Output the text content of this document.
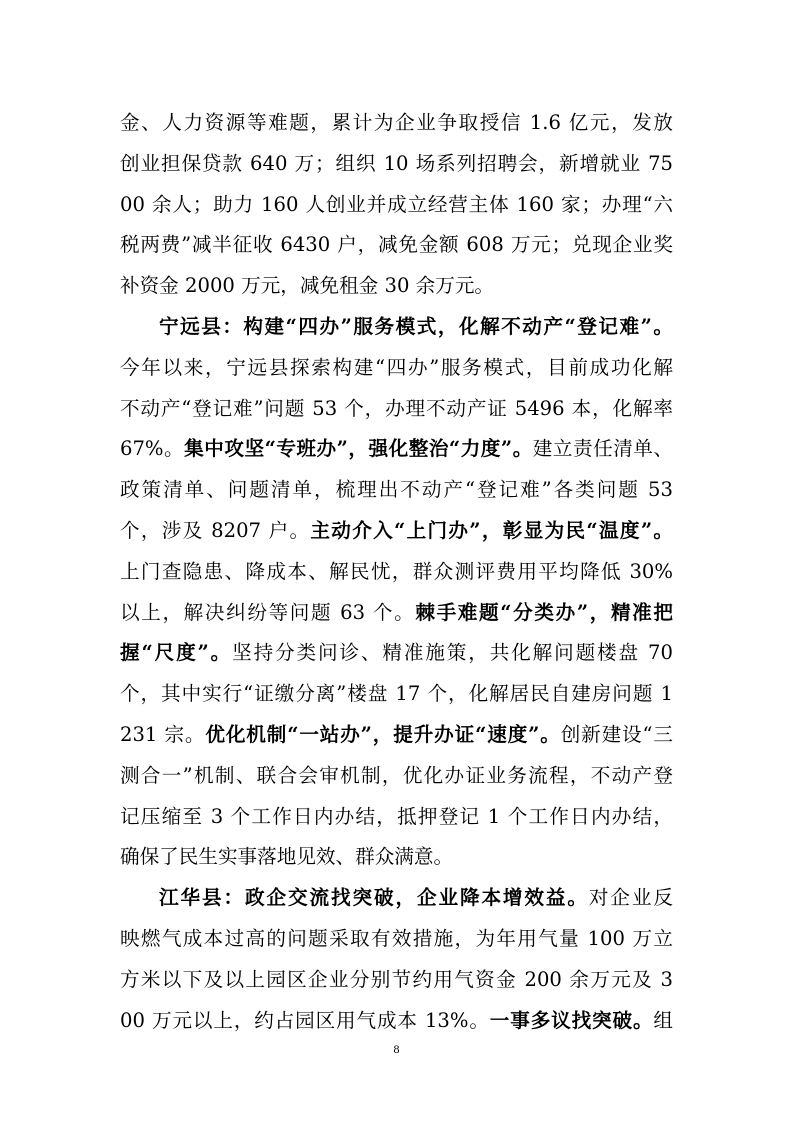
金、人力资源等难题，累计为企业争取授信 1.6 亿元，发放
创业担保贷款 640 万；组织 10 场系列招聘会，新增就业 75
00 余人；助力 160 人创业并成立经营主体 160 家；办理“六
税两费”减半征收 6430 户，减免金额 608 万元；兑现企业奖
补资金 2000 万元，减免租金 30 余万元。
宁远县：构建“四办”服务模式，化解不动产“登记难”。
今年以来，宁远县探索构建“四办”服务模式，目前成功化解
不动产“登记难”问题 53 个，办理不动产证 5496 本，化解率
67%。集中攻坚“专班办”，强化整治“力度”。建立责任清单、
政策清单、问题清单，梳理出不动产“登记难”各类问题 53
个，涉及 8207 户。主动介入“上门办”，彰显为民“温度”。
上门查隐患、降成本、解民忧，群众测评费用平均降低 30%
以上，解决纠纷等问题 63 个。棘手难题“分类办”，精准把
握“尺度”。坚持分类问诊、精准施策，共化解问题楼盘 70
个，其中实行“证缴分离”楼盘 17 个，化解居民自建房问题 1
231 宗。优化机制“一站办”，提升办证“速度”。创新建设“三
测合一”机制、联合会审机制，优化办证业务流程，不动产登
记压缩至 3 个工作日内办结，抵押登记 1 个工作日内办结，
确保了民生实事落地见效、群众满意。
江华县：政企交流找突破，企业降本增效益。对企业反
映燃气成本过高的问题采取有效措施，为年用气量 100 万立
方米以下及以上园区企业分别节约用气资金 200 余万元及 3
00 万元以上，约占园区用气成本 13%。一事多议找突破。组
8
